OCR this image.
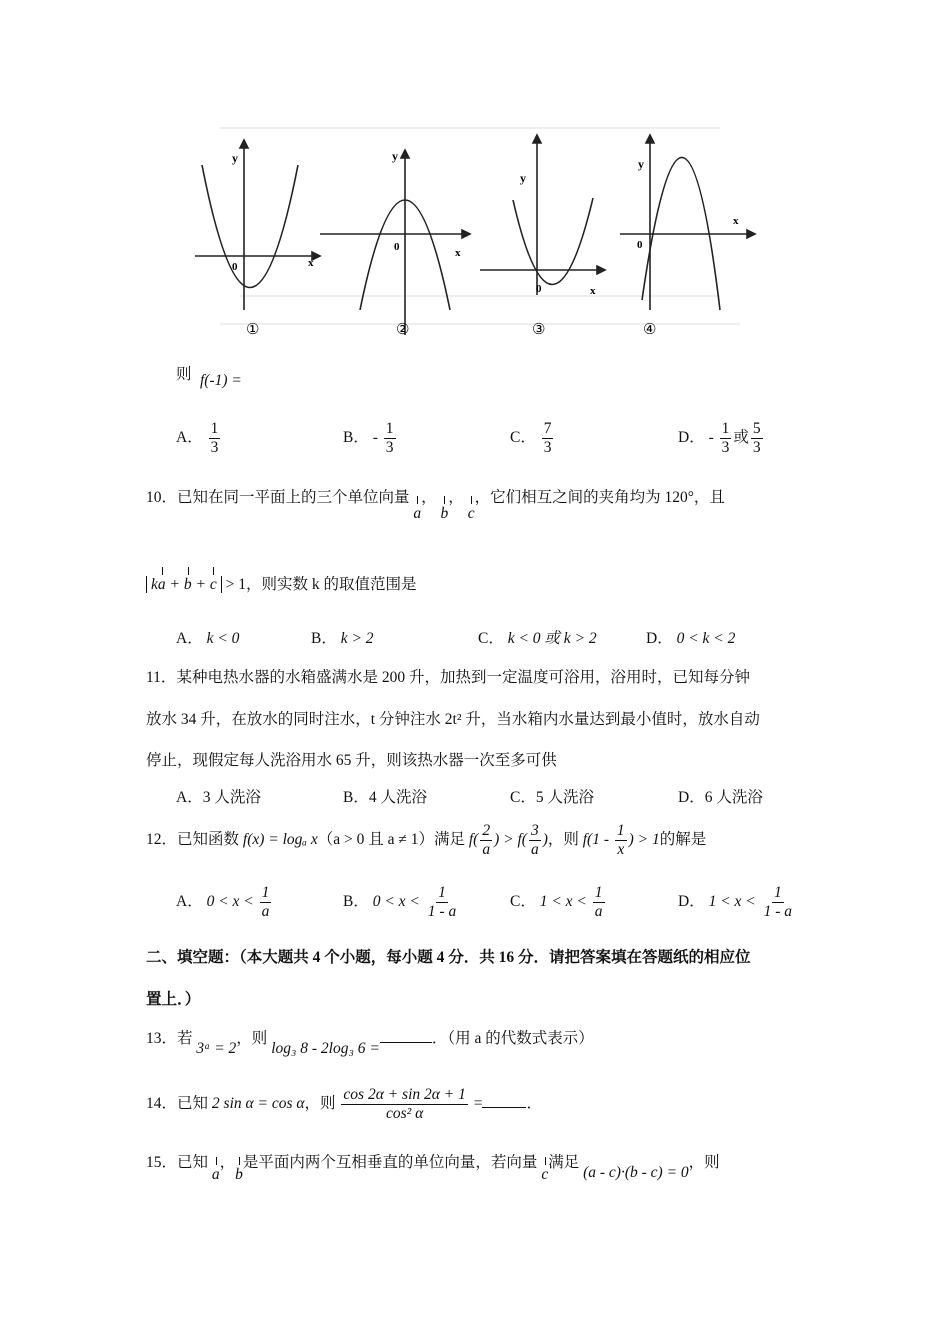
y
x
0
①
y
x
0
②
y
x
0
③
y
x
0
④
则 f(-1) =
A． $\frac{1}{3}$	B． - $\frac{1}{3}$	C． $\frac{7}{3}$	D． - $\frac{1}{3}$ 或 $\frac{5}{3}$
10．已知在同一平面上的三个单位向量 a， b， c，它们相互之间的夹角均为 120°，且
ka + b + c > 1，则实数 k 的取值范围是
A． k < 0	B． k > 2	C． k < 0 或 k > 2	D． 0 < k < 2
11．某种电热水器的水箱盛满水是 200 升，加热到一定温度可浴用，浴用时，已知每分钟
放水 34 升，在放水的同时注水，t 分钟注水 2t² 升，当水箱内水量达到最小值时，放水自动
停止，现假定每人洗浴用水 65 升，则该热水器一次至多可供
A．3 人洗浴	B．4 人洗浴	C．5 人洗浴	D．6 人洗浴
12．已知函数 f(x) = logₐ x（a > 0 且 a ≠ 1）满足 $f( \frac{2}{a}$ ) > $f( \frac{3}{a}$ )，则 $f(1 - \frac{1}{x}$ ) > 1的解是
A． $0 < x < \frac{1}{a}$	B． $0 < x < \frac{1}{1 - a}$	C． $1 < x < \frac{1}{a}$	D． $1 < x < \frac{1}{1 - a}$
二、填空题：（本大题共 4 个小题，每小题 4 分．共 16 分．请把答案填在答题纸的相应位
置上．）
13．若 3ᵃ = 2，则 log₃ 8 - 2log₃ 6 =．（用 a 的代数式表示）
14．已知 2 sin α = cos α，则 $\frac{\cos 2\alpha + \sin 2\alpha + 1}{\text{cos² α}}$ =	．
15．已知 a，b是平面内两个互相垂直的单位向量，若向量 c满足 (a - c)·(b - c) = 0，则
